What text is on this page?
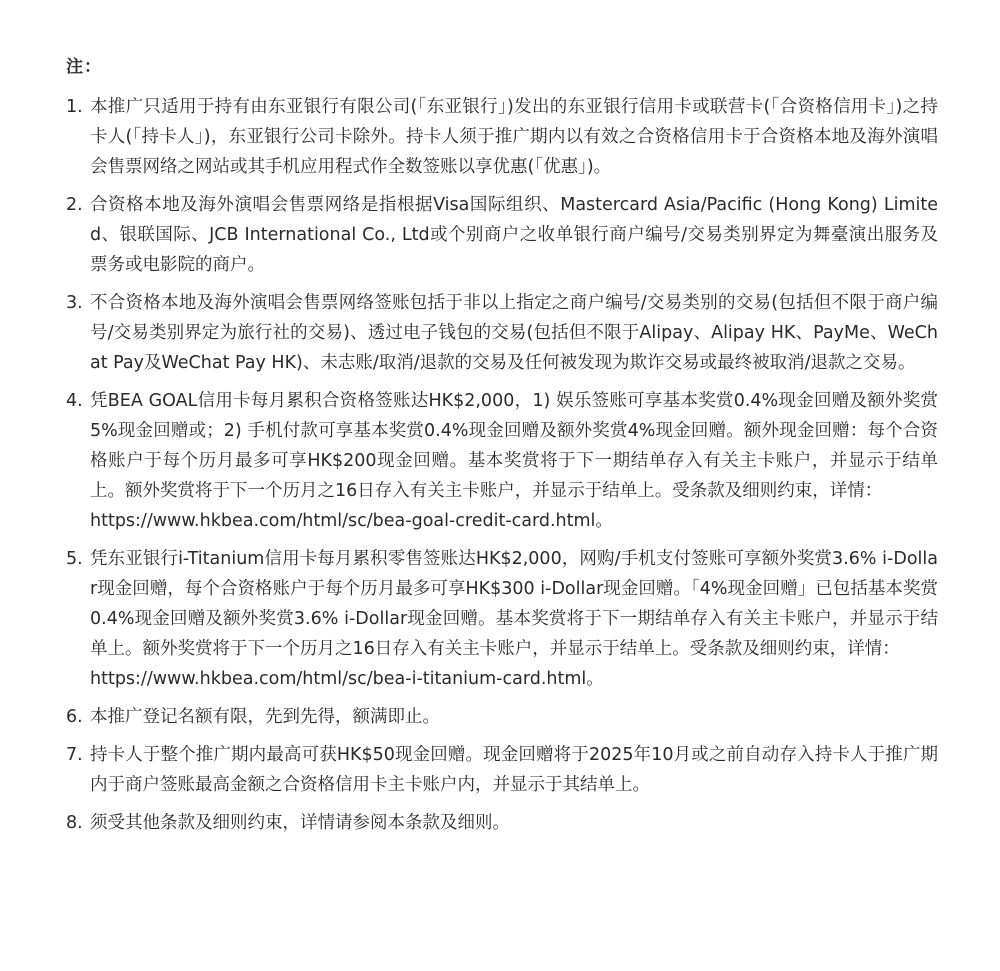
注：
1. 本推广只适用于持有由东亚银行有限公司(「东亚银行」)发出的东亚银行信用卡或联营卡(「合资格信用卡」)之持卡人(「持卡人」)，东亚银行公司卡除外。持卡人须于推广期内以有效之合资格信用卡于合资格本地及海外演唱会售票网络之网站或其手机应用程式作全数签账以享优惠(「优惠」)。
2. 合资格本地及海外演唱会售票网络是指根据Visa国际组织、Mastercard Asia/Pacific (Hong Kong) Limited、银联国际、JCB International Co., Ltd或个别商户之收单银行商户编号/交易类别界定为舞臺演出服务及票务或电影院的商户。
3. 不合资格本地及海外演唱会售票网络签账包括于非以上指定之商户编号/交易类别的交易(包括但不限于商户编号/交易类别界定为旅行社的交易)、透过电子钱包的交易(包括但不限于Alipay、Alipay HK、PayMe、WeChat Pay及WeChat Pay HK)、未志账/取消/退款的交易及任何被发现为欺诈交易或最终被取消/退款之交易。
4. 凭BEA GOAL信用卡每月累积合资格签账达HK$2,000，1) 娱乐签账可享基本奖赏0.4%现金回赠及额外奖赏5%现金回赠或；2) 手机付款可享基本奖赏0.4%现金回赠及额外奖赏4%现金回赠。额外现金回赠：每个合资格账户于每个历月最多可享HK$200现金回赠。基本奖赏将于下一期结单存入有关主卡账户，并显示于结单上。额外奖赏将于下一个历月之16日存入有关主卡账户，并显示于结单上。受条款及细则约束，详情：
https://www.hkbea.com/html/sc/bea-goal-credit-card.html。
5. 凭东亚银行i-Titanium信用卡每月累积零售签账达HK$2,000，网购/手机支付签账可享额外奖赏3.6% i-Dollar现金回赠，每个合资格账户于每个历月最多可享HK$300 i-Dollar现金回赠。「4%现金回赠」已包括基本奖赏0.4%现金回赠及额外奖赏3.6% i-Dollar现金回赠。基本奖赏将于下一期结单存入有关主卡账户，并显示于结单上。额外奖赏将于下一个历月之16日存入有关主卡账户，并显示于结单上。受条款及细则约束，详情：
https://www.hkbea.com/html/sc/bea-i-titanium-card.html。
6. 本推广登记名额有限，先到先得，额满即止。
7. 持卡人于整个推广期内最高可获HK$50现金回赠。现金回赠将于2025年10月或之前自动存入持卡人于推广期内于商户签账最高金额之合资格信用卡主卡账户内，并显示于其结单上。
8. 须受其他条款及细则约束，详情请参阅本条款及细则。
